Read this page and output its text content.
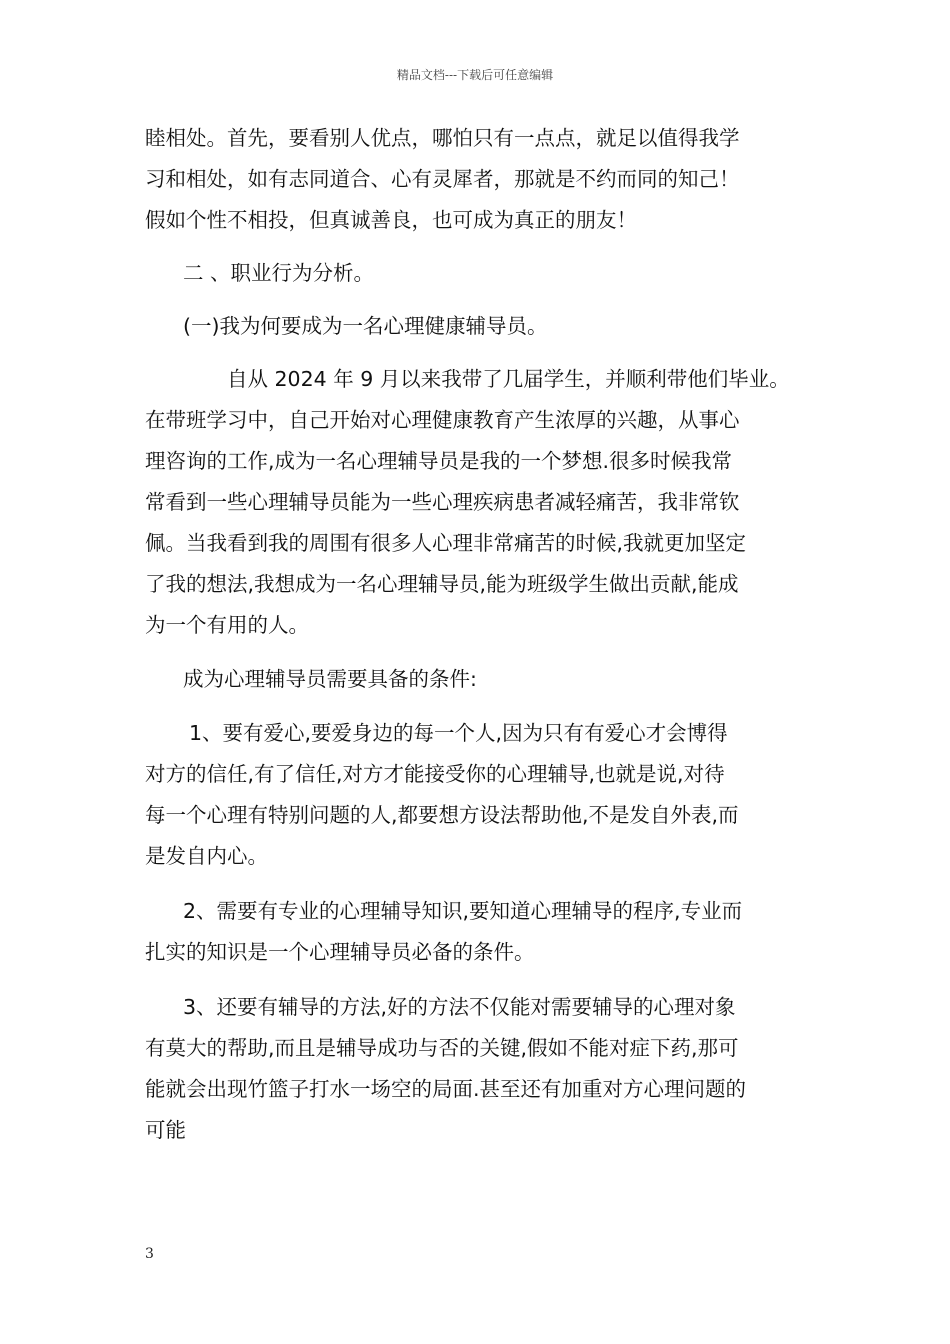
精品文档---下载后可任意编辑
睦相处。首先，要看别人优点，哪怕只有一点点，就足以值得我学
习和相处，如有志同道合、心有灵犀者，那就是不约而同的知己！
假如个性不相投，但真诚善良，也可成为真正的朋友！
二 、职业行为分析。
(一)我为何要成为一名心理健康辅导员。
自从 2024 年 9 月以来我带了几届学生，并顺利带他们毕业。
在带班学习中，自己开始对心理健康教育产生浓厚的兴趣，从事心
理咨询的工作,成为一名心理辅导员是我的一个梦想.很多时候我常
常看到一些心理辅导员能为一些心理疾病患者减轻痛苦，我非常钦
佩。当我看到我的周围有很多人心理非常痛苦的时候,我就更加坚定
了我的想法,我想成为一名心理辅导员,能为班级学生做出贡献,能成
为一个有用的人。
成为心理辅导员需要具备的条件:
1、要有爱心,要爱身边的每一个人,因为只有有爱心才会博得
对方的信任,有了信任,对方才能接受你的心理辅导,也就是说,对待
每一个心理有特别问题的人,都要想方设法帮助他,不是发自外表,而
是发自内心。
2、需要有专业的心理辅导知识,要知道心理辅导的程序,专业而
扎实的知识是一个心理辅导员必备的条件。
3、还要有辅导的方法,好的方法不仅能对需要辅导的心理对象
有莫大的帮助,而且是辅导成功与否的关键,假如不能对症下药,那可
能就会出现竹篮子打水一场空的局面.甚至还有加重对方心理问题的
可能
3
